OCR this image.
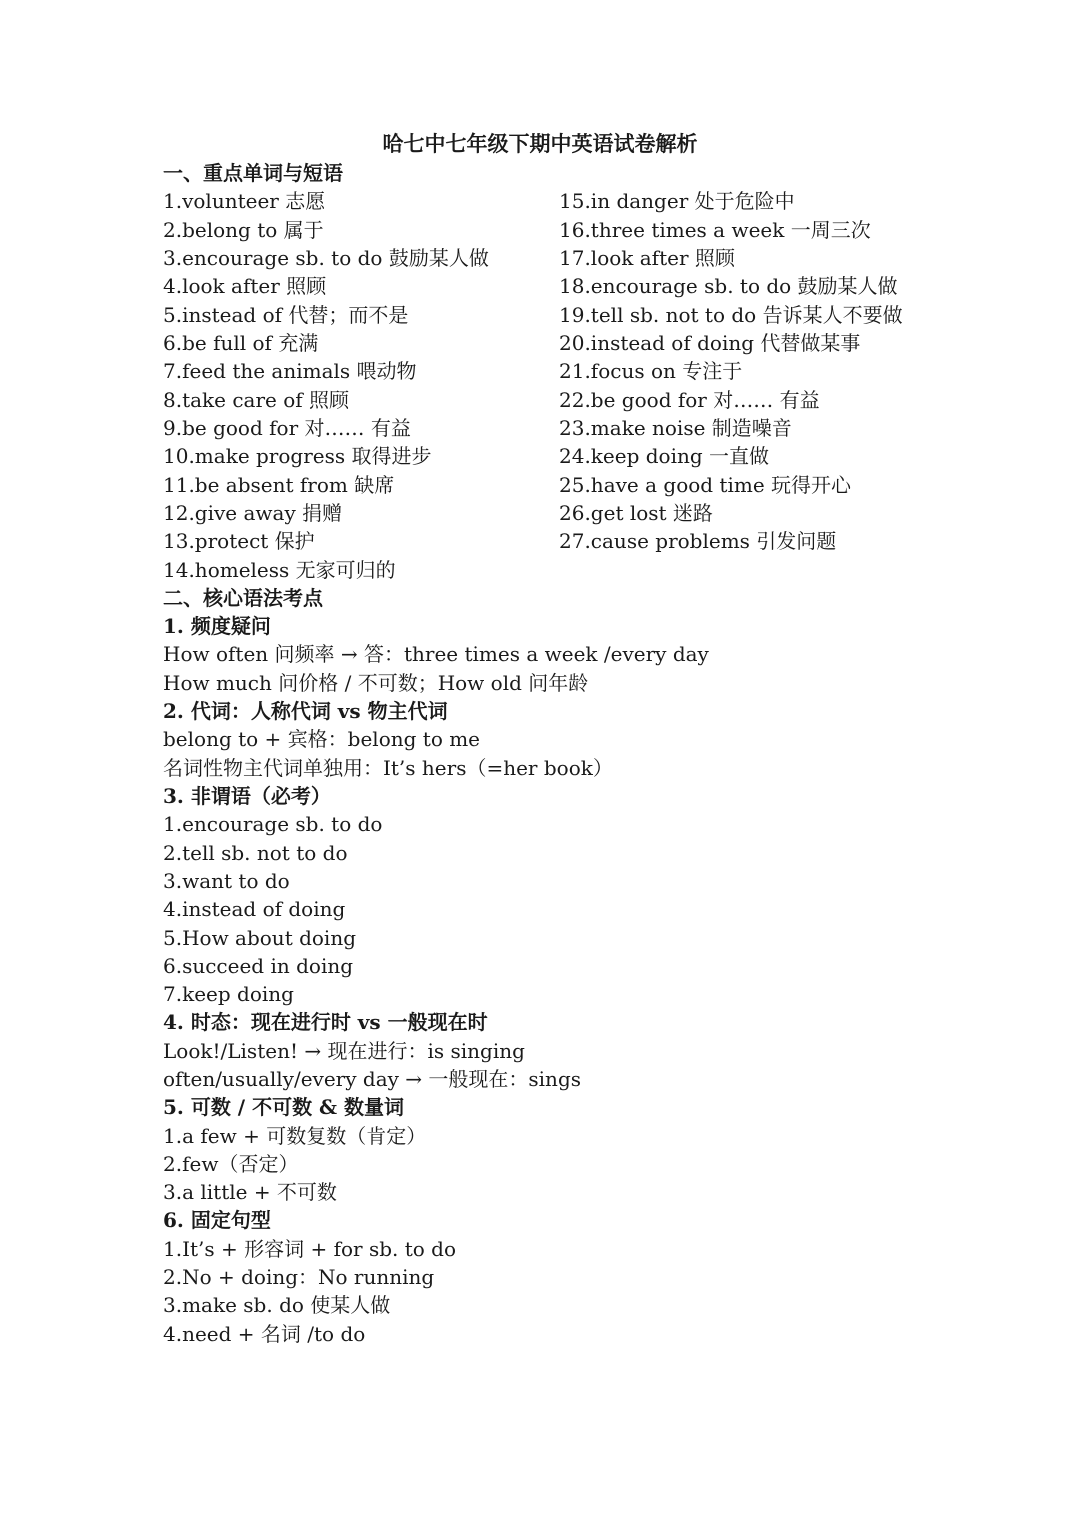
哈七中七年级下期中英语试卷解析
一、重点单词与短语
1.volunteer 志愿
2.belong to 属于
3.encourage sb. to do 鼓励某人做
4.look after 照顾
5.instead of 代替；而不是
6.be full of 充满
7.feed the animals 喂动物
8.take care of 照顾
9.be good for 对…… 有益
10.make progress 取得进步
11.be absent from 缺席
12.give away 捐赠
13.protect 保护
14.homeless 无家可归的
15.in danger 处于危险中
16.three times a week 一周三次
17.look after 照顾
18.encourage sb. to do 鼓励某人做
19.tell sb. not to do 告诉某人不要做
20.instead of doing 代替做某事
21.focus on 专注于
22.be good for 对…… 有益
23.make noise 制造噪音
24.keep doing 一直做
25.have a good time 玩得开心
26.get lost 迷路
27.cause problems 引发问题
二、核心语法考点
1. 频度疑问
How often 问频率 → 答：three times a week /every day
How much 问价格 / 不可数；How old 问年龄
2. 代词：人称代词 vs 物主代词
belong to + 宾格：belong to me
名词性物主代词单独用：It’s hers（=her book）
3. 非谓语（必考）
1.encourage sb. to do
2.tell sb. not to do
3.want to do
4.instead of doing
5.How about doing
6.succeed in doing
7.keep doing
4. 时态：现在进行时 vs 一般现在时
Look!/Listen! → 现在进行：is singing
often/usually/every day → 一般现在：sings
5. 可数 / 不可数 & 数量词
1.a few + 可数复数（肯定）
2.few（否定）
3.a little + 不可数
6. 固定句型
1.It’s + 形容词 + for sb. to do
2.No + doing：No running
3.make sb. do 使某人做
4.need + 名词 /to do
